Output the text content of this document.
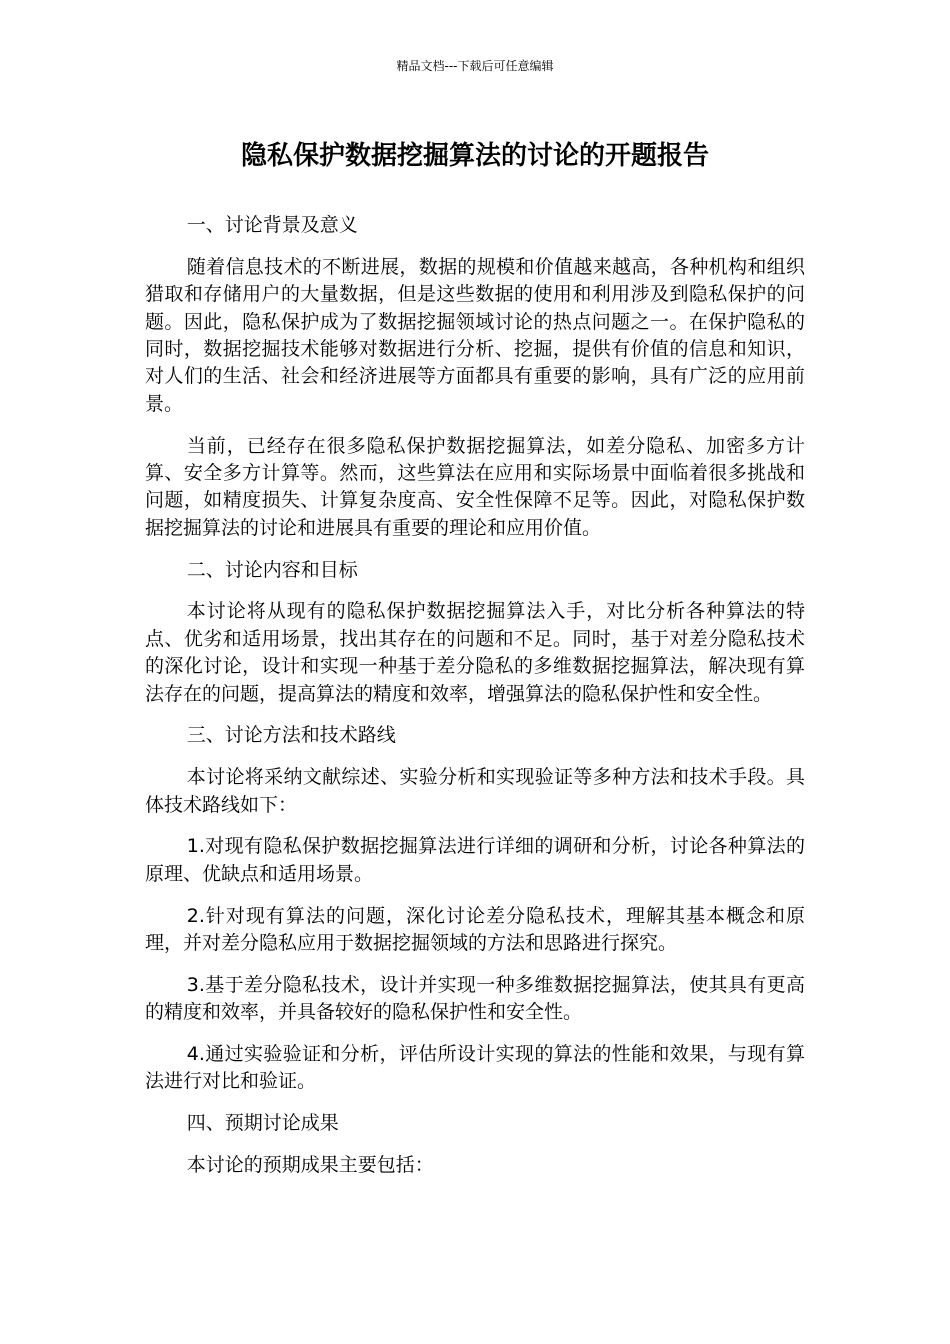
精品文档---下载后可任意编辑
隐私保护数据挖掘算法的讨论的开题报告

一、讨论背景及意义

随着信息技术的不断进展，数据的规模和价值越来越高，各种机构和组织猎取和存储用户的大量数据，但是这些数据的使用和利用涉及到隐私保护的问题。因此，隐私保护成为了数据挖掘领域讨论的热点问题之一。在保护隐私的同时，数据挖掘技术能够对数据进行分析、挖掘，提供有价值的信息和知识，对人们的生活、社会和经济进展等方面都具有重要的影响，具有广泛的应用前景。

当前，已经存在很多隐私保护数据挖掘算法，如差分隐私、加密多方计算、安全多方计算等。然而，这些算法在应用和实际场景中面临着很多挑战和问题，如精度损失、计算复杂度高、安全性保障不足等。因此，对隐私保护数据挖掘算法的讨论和进展具有重要的理论和应用价值。

二、讨论内容和目标

本讨论将从现有的隐私保护数据挖掘算法入手，对比分析各种算法的特点、优劣和适用场景，找出其存在的问题和不足。同时，基于对差分隐私技术的深化讨论，设计和实现一种基于差分隐私的多维数据挖掘算法，解决现有算法存在的问题，提高算法的精度和效率，增强算法的隐私保护性和安全性。

三、讨论方法和技术路线

本讨论将采纳文献综述、实验分析和实现验证等多种方法和技术手段。具体技术路线如下：

1.对现有隐私保护数据挖掘算法进行详细的调研和分析，讨论各种算法的原理、优缺点和适用场景。

2.针对现有算法的问题，深化讨论差分隐私技术，理解其基本概念和原理，并对差分隐私应用于数据挖掘领域的方法和思路进行探究。

3.基于差分隐私技术，设计并实现一种多维数据挖掘算法，使其具有更高的精度和效率，并具备较好的隐私保护性和安全性。

4.通过实验验证和分析，评估所设计实现的算法的性能和效果，与现有算法进行对比和验证。

四、预期讨论成果

本讨论的预期成果主要包括：
